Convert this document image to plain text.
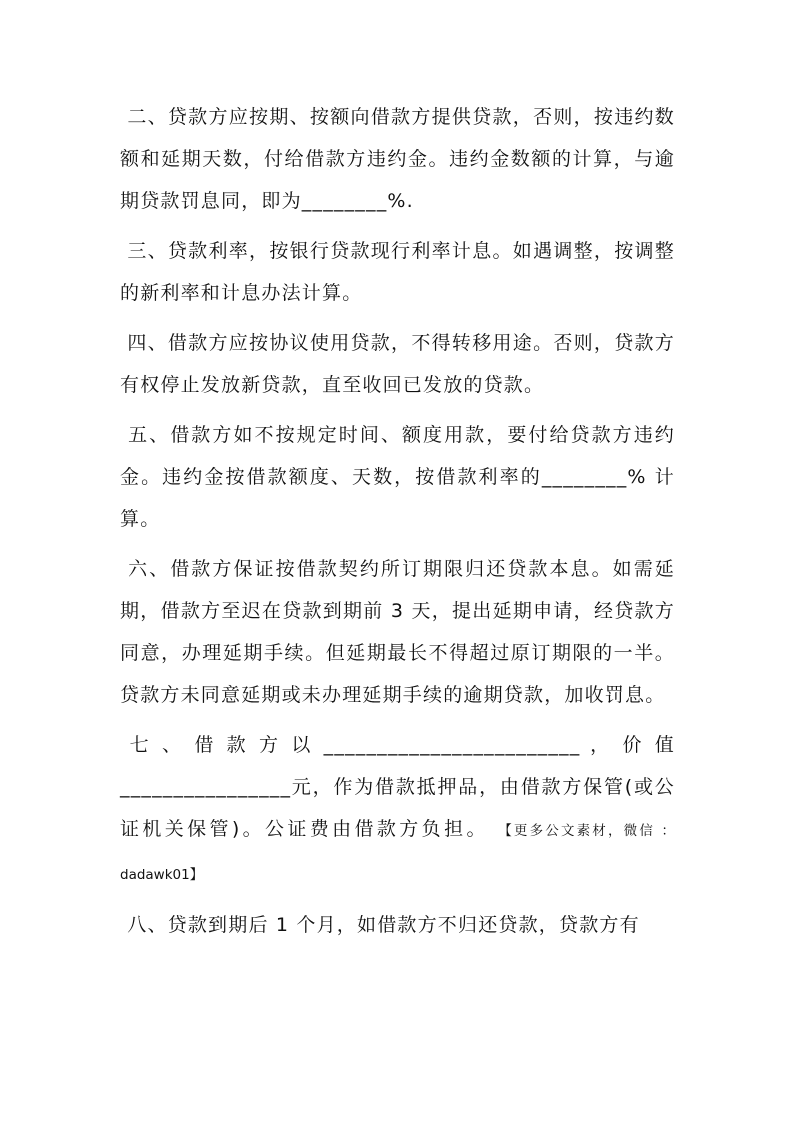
二、贷款方应按期、按额向借款方提供贷款，否则，按违约数额和延期天数，付给借款方违约金。违约金数额的计算，与逾期贷款罚息同，即为________%.

三、贷款利率，按银行贷款现行利率计息。如遇调整，按调整的新利率和计息办法计算。

四、借款方应按协议使用贷款，不得转移用途。否则，贷款方有权停止发放新贷款，直至收回已发放的贷款。

五、借款方如不按规定时间、额度用款，要付给贷款方违约金。违约金按借款额度、天数，按借款利率的________% 计算。

六、借款方保证按借款契约所订期限归还贷款本息。如需延期，借款方至迟在贷款到期前 3 天，提出延期申请，经贷款方同意，办理延期手续。但延期最长不得超过原订期限的一半。贷款方未同意延期或未办理延期手续的逾期贷款，加收罚息。

七 、 借 款 方 以 ________________________ ， 价 值

________________元，作为借款抵押品，由借款方保管(或公证机关保管)。公证费由借款方负担。 【更多公文素材，微信 ：dadawk01】

八、贷款到期后 1 个月，如借款方不归还贷款，贷款方有
